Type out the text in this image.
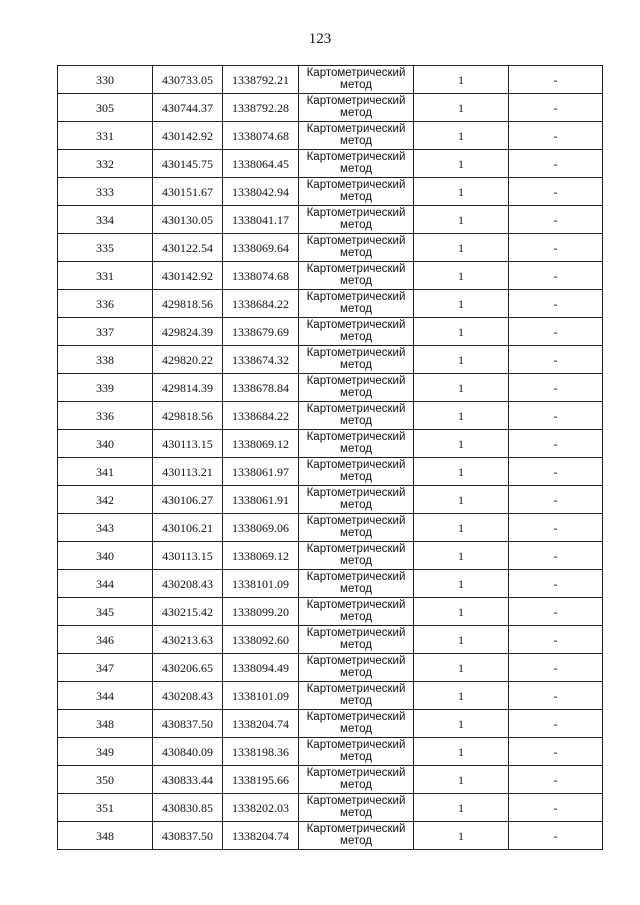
123
330	430733.05	1338792.21	Картометрический метод	1	-
305	430744.37	1338792.28	Картометрический метод	1	-
331	430142.92	1338074.68	Картометрический метод	1	-
332	430145.75	1338064.45	Картометрический метод	1	-
333	430151.67	1338042.94	Картометрический метод	1	-
334	430130.05	1338041.17	Картометрический метод	1	-
335	430122.54	1338069.64	Картометрический метод	1	-
331	430142.92	1338074.68	Картометрический метод	1	-
336	429818.56	1338684.22	Картометрический метод	1	-
337	429824.39	1338679.69	Картометрический метод	1	-
338	429820.22	1338674.32	Картометрический метод	1	-
339	429814.39	1338678.84	Картометрический метод	1	-
336	429818.56	1338684.22	Картометрический метод	1	-
340	430113.15	1338069.12	Картометрический метод	1	-
341	430113.21	1338061.97	Картометрический метод	1	-
342	430106.27	1338061.91	Картометрический метод	1	-
343	430106.21	1338069.06	Картометрический метод	1	-
340	430113.15	1338069.12	Картометрический метод	1	-
344	430208.43	1338101.09	Картометрический метод	1	-
345	430215.42	1338099.20	Картометрический метод	1	-
346	430213.63	1338092.60	Картометрический метод	1	-
347	430206.65	1338094.49	Картометрический метод	1	-
344	430208.43	1338101.09	Картометрический метод	1	-
348	430837.50	1338204.74	Картометрический метод	1	-
349	430840.09	1338198.36	Картометрический метод	1	-
350	430833.44	1338195.66	Картометрический метод	1	-
351	430830.85	1338202.03	Картометрический метод	1	-
348	430837.50	1338204.74	Картометрический метод	1	-
